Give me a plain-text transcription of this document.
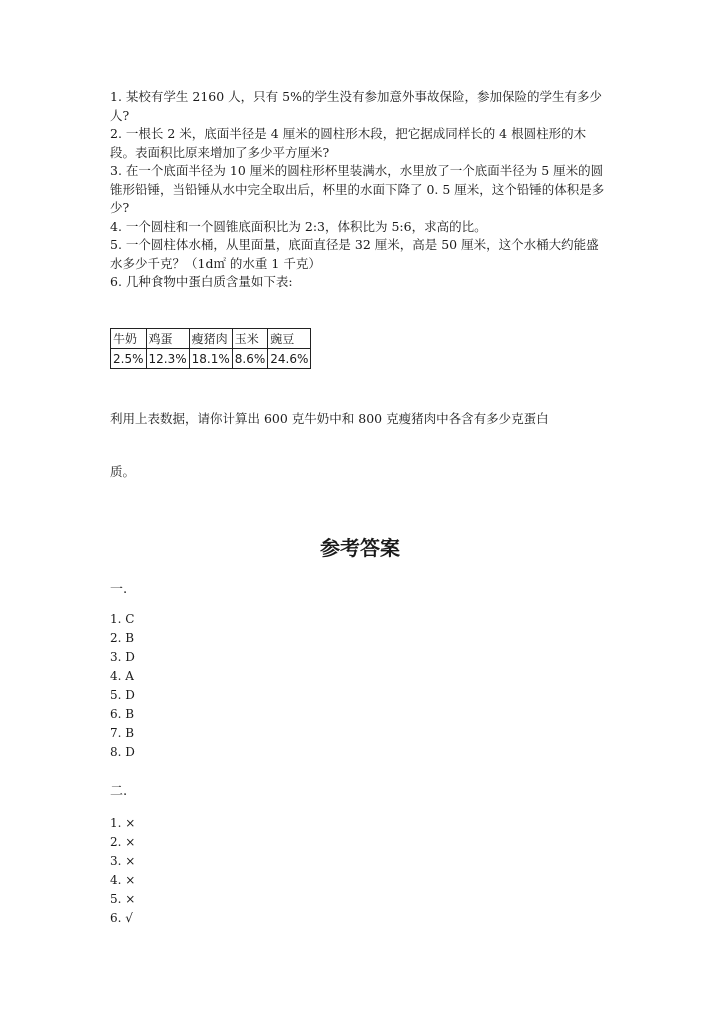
1. 某校有学生 2160 人，只有 5%的学生没有参加意外事故保险，参加保险的学生有多少人?

2. 一根长 2 米，底面半径是 4 厘米的圆柱形木段，把它据成同样长的 4 根圆柱形的木段。表面积比原来增加了多少平方厘米?

3. 在一个底面半径为 10 厘米的圆柱形杯里装满水，水里放了一个底面半径为 5 厘米的圆锥形铅锤，当铅锤从水中完全取出后，杯里的水面下降了 0. 5 厘米，这个铅锤的体积是多少?

4. 一个圆柱和一个圆锥底面积比为 2:3，体积比为 5:6，求高的比。

5. 一个圆柱体水桶，从里面量，底面直径是 32 厘米，高是 50 厘米，这个水桶大约能盛水多少千克？（1d㎡ 的水重 1 千克）

6. 几种食物中蛋白质含量如下表:

牛奶	鸡蛋	瘦猪肉	玉米	豌豆
2.5%	12.3%	18.1%	8.6%	24.6%
利用上表数据，请你计算出 600 克牛奶中和 800 克瘦猪肉中各含有多少克蛋白
质。
参考答案
一.
1. C
2. B
3. D
4. A
5. D
6. B
7. B
8. D
二.
1. ×
2. ×
3. ×
4. ×
5. ×
6. √
